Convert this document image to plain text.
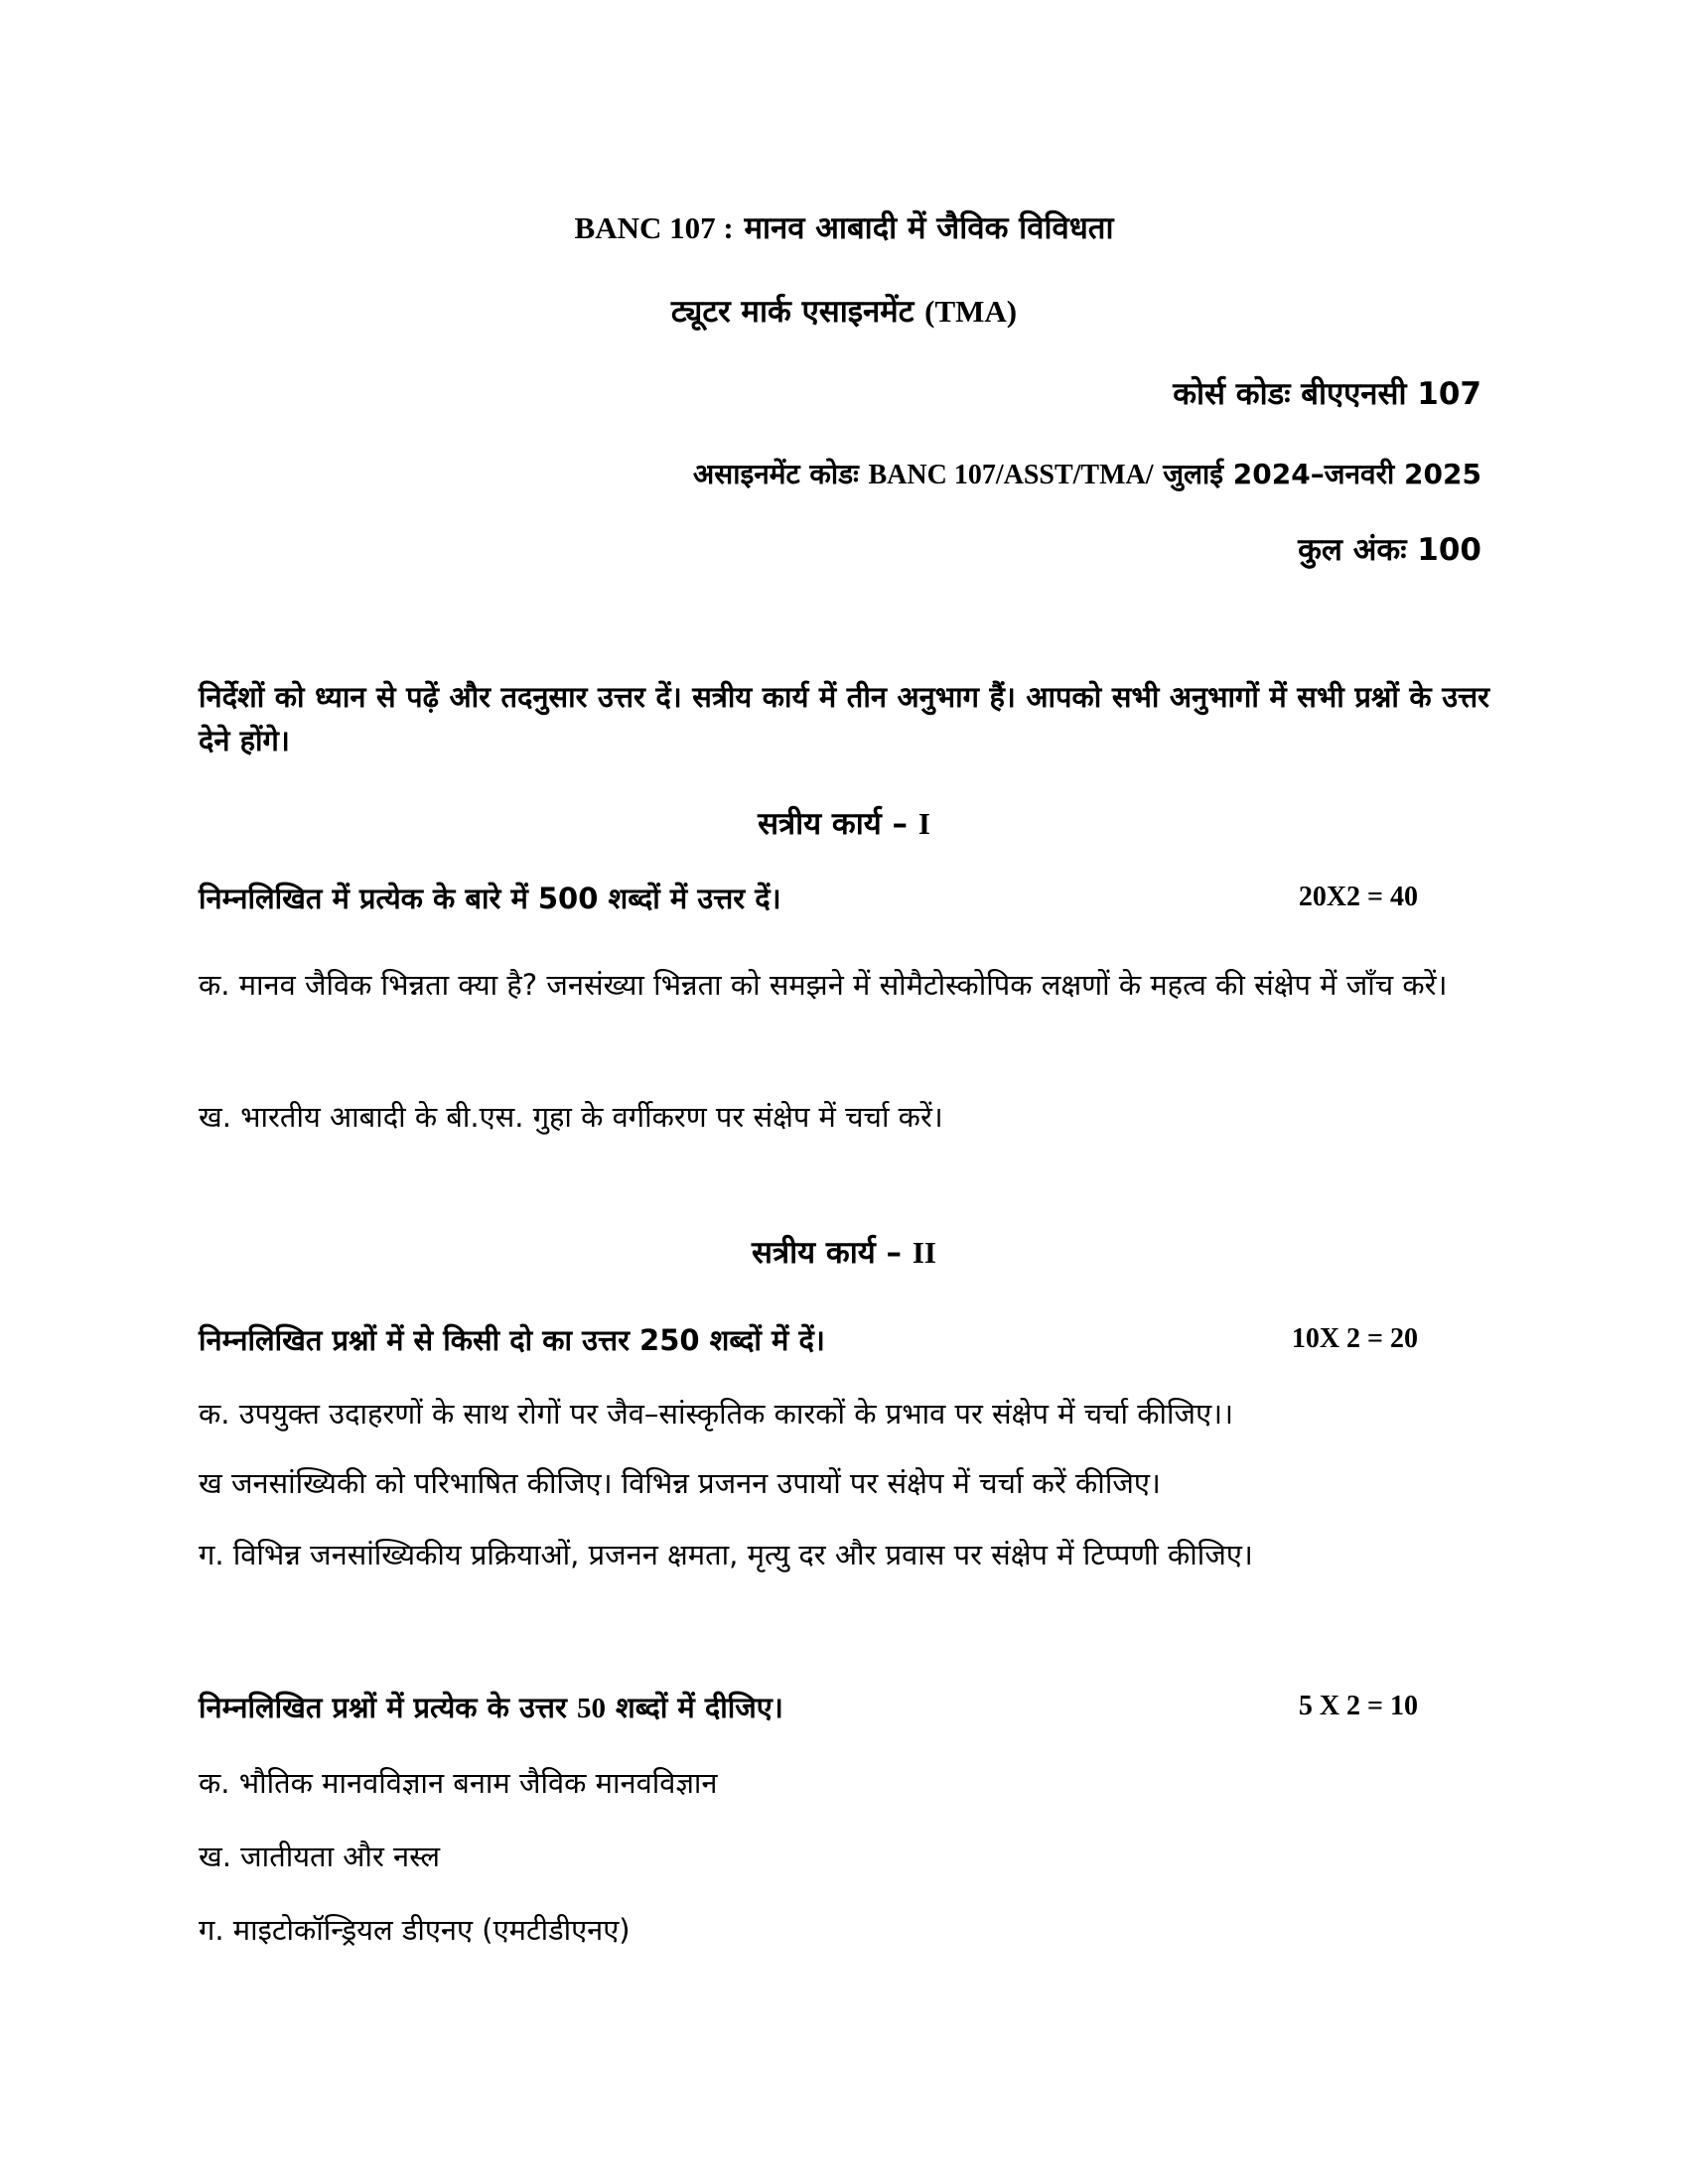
BANC 107 : मानव आबादी में जैविक विविधता
ट्यूटर मार्क एसाइनमेंट (TMA)
कोर्स कोडः बीएएनसी 107
असाइनमेंट कोडः BANC 107/ASST/TMA/ जुलाई 2024–जनवरी 2025
कुल अंकः 100
निर्देशों को ध्यान से पढ़ें और तदनुसार उत्तर दें। सत्रीय कार्य में तीन अनुभाग हैं। आपको सभी अनुभागों में सभी प्रश्नों के उत्तर देने होंगे।
सत्रीय कार्य – I
निम्नलिखित में प्रत्येक के बारे में 500 शब्दों में उत्तर दें।	20X2 = 40
क. मानव जैविक भिन्नता क्या है? जनसंख्या भिन्नता को समझने में सोमैटोस्कोपिक लक्षणों के महत्व की संक्षेप में जाँच करें।
ख. भारतीय आबादी के बी.एस. गुहा के वर्गीकरण पर संक्षेप में चर्चा करें।
सत्रीय कार्य – II
निम्नलिखित प्रश्नों में से किसी दो का उत्तर 250 शब्दों में दें।	10X 2 = 20
क. उपयुक्त उदाहरणों के साथ रोगों पर जैव–सांस्कृतिक कारकों के प्रभाव पर संक्षेप में चर्चा कीजिए।।
ख जनसांख्यिकी को परिभाषित कीजिए। विभिन्न प्रजनन उपायों पर संक्षेप में चर्चा करें कीजिए।
ग. विभिन्न जनसांख्यिकीय प्रक्रियाओं, प्रजनन क्षमता, मृत्यु दर और प्रवास पर संक्षेप में टिप्पणी कीजिए।
निम्नलिखित प्रश्नों में प्रत्येक के उत्तर 50 शब्दों में दीजिए।	5 X 2 = 10
क. भौतिक मानवविज्ञान बनाम जैविक मानवविज्ञान
ख. जातीयता और नस्ल
ग. माइटोकॉन्ड्रियल डीएनए (एमटीडीएनए)
